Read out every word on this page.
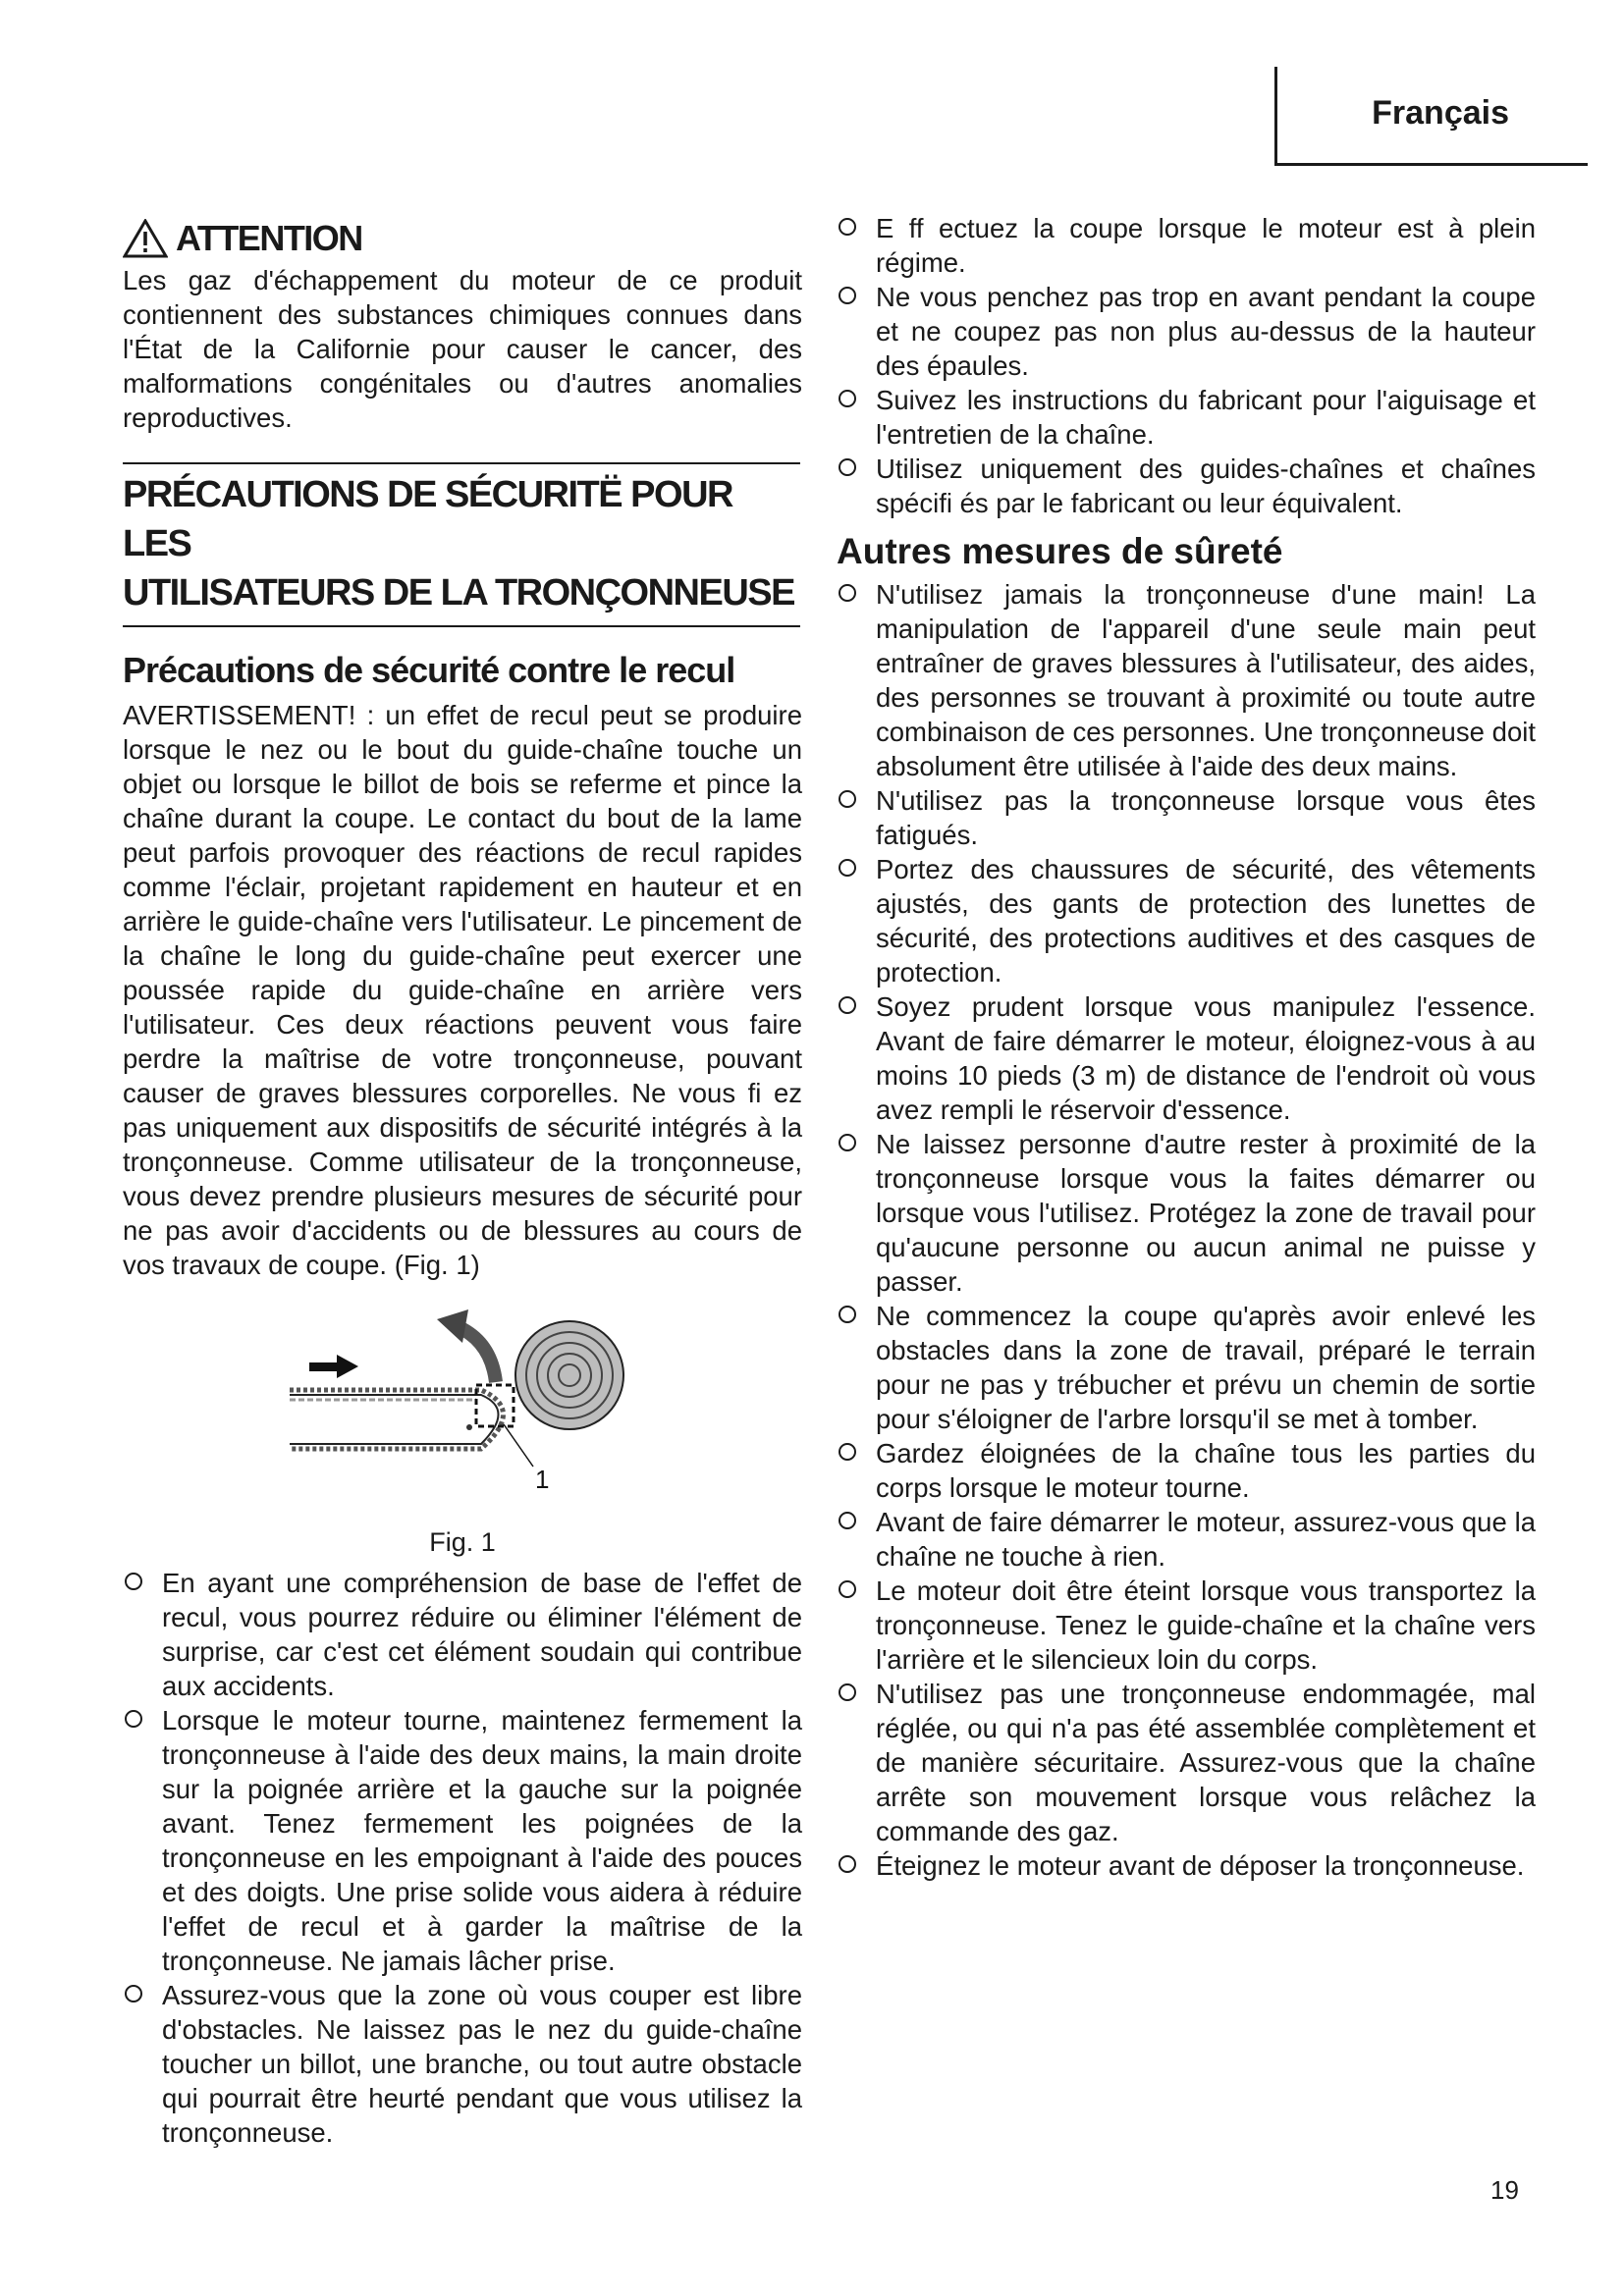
Français
ATTENTION

Les gaz d'échappement du moteur de ce produit contiennent des substances chimiques connues dans l'État de la Californie pour causer le cancer, des malformations congénitales ou d'autres anomalies reproductives.

PRÉCAUTIONS DE SÉCURITË POUR LES
UTILISATEURS DE LA TRONÇONNEUSE
Précautions de sécurité contre le recul

AVERTISSEMENT! : un effet de recul peut se produire lorsque le nez ou le bout du guide-chaîne touche un objet ou lorsque le billot de bois se referme et pince la chaîne durant la coupe. Le contact du bout de la lame peut parfois provoquer des réactions de recul rapides comme l'éclair, projetant rapidement en hauteur et en arrière le guide-chaîne vers l'utilisateur. Le pincement de la chaîne le long du guide-chaîne peut exercer une poussée rapide du guide-chaîne en arrière vers l'utilisateur. Ces deux réactions peuvent vous faire perdre la maîtrise de votre tronçonneuse, pouvant causer de graves blessures corporelles. Ne vous fi ez pas uniquement aux dispositifs de sécurité intégrés à la tronçonneuse. Comme utilisateur de la tronçonneuse, vous devez prendre plusieurs mesures de sécurité pour ne pas avoir d'accidents ou de blessures au cours de vos travaux de coupe. (Fig. 1)

1
Fig. 1
En ayant une compréhension de base de l'effet de recul, vous pourrez réduire ou éliminer l'élément de surprise, car c'est cet élément soudain qui contribue aux accidents.
Lorsque le moteur tourne, maintenez fermement la tronçonneuse à l'aide des deux mains, la main droite sur la poignée arrière et la gauche sur la poignée avant. Tenez fermement les poignées de la tronçonneuse en les empoignant à l'aide des pouces et des doigts. Une prise solide vous aidera à réduire l'effet de recul et à garder la maîtrise de la tronçonneuse. Ne jamais lâcher prise.
Assurez-vous que la zone où vous couper est libre d'obstacles. Ne laissez pas le nez du guide-chaîne toucher un billot, une branche, ou tout autre obstacle qui pourrait être heurté pendant que vous utilisez la tronçonneuse.
E ff ectuez la coupe lorsque le moteur est à plein régime.
Ne vous penchez pas trop en avant pendant la coupe et ne coupez pas non plus au-dessus de la hauteur des épaules.
Suivez les instructions du fabricant pour l'aiguisage et l'entretien de la chaîne.
Utilisez uniquement des guides-chaînes et chaînes spécifi és par le fabricant ou leur équivalent.
Autres mesures de sûreté
N'utilisez jamais la tronçonneuse d'une main! La manipulation de l'appareil d'une seule main peut entraîner de graves blessures à l'utilisateur, des aides, des personnes se trouvant à proximité ou toute autre combinaison de ces personnes. Une tronçonneuse doit absolument être utilisée à l'aide des deux mains.
N'utilisez pas la tronçonneuse lorsque vous êtes fatigués.
Portez des chaussures de sécurité, des vêtements ajustés, des gants de protection des lunettes de sécurité, des protections auditives et des casques de protection.
Soyez prudent lorsque vous manipulez l'essence. Avant de faire démarrer le moteur, éloignez-vous à au moins 10 pieds (3 m) de distance de l'endroit où vous avez rempli le réservoir d'essence.
Ne laissez personne d'autre rester à proximité de la tronçonneuse lorsque vous la faites démarrer ou lorsque vous l'utilisez. Protégez la zone de travail pour qu'aucune personne ou aucun animal ne puisse y passer.
Ne commencez la coupe qu'après avoir enlevé les obstacles dans la zone de travail, préparé le terrain pour ne pas y trébucher et prévu un chemin de sortie pour s'éloigner de l'arbre lorsqu'il se met à tomber.
Gardez éloignées de la chaîne tous les parties du corps lorsque le moteur tourne.
Avant de faire démarrer le moteur, assurez-vous que la chaîne ne touche à rien.
Le moteur doit être éteint lorsque vous transportez la tronçonneuse. Tenez le guide-chaîne et la chaîne vers l'arrière et le silencieux loin du corps.
N'utilisez pas une tronçonneuse endommagée, mal réglée, ou qui n'a pas été assemblée complètement et de manière sécuritaire. Assurez-vous que la chaîne arrête son mouvement lorsque vous relâchez la commande des gaz.
Éteignez le moteur avant de déposer la tronçonneuse.
19
